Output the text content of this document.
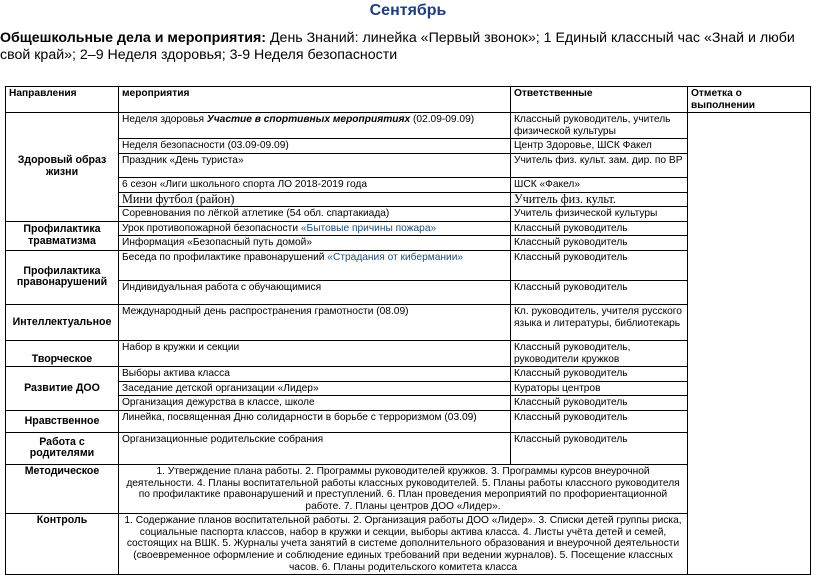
Сентябрь
Общешкольные дела и мероприятия: День Знаний: линейка «Первый звонок»; 1 Единый классный час «Знай и люби свой край»; 2–9 Неделя здоровья; 3-9 Неделя безопасности
Направления	мероприятия	Ответственные	Отметка о выполнении
Здоровый образ жизни	Неделя здоровья Участие в спортивных мероприятиях (02.09-09.09)	Классный руководитель, учитель физической культуры	
	Неделя безопасности (03.09-09.09)	Центр Здоровье, ШСК Факел	
	Праздник «День туриста»	Учитель физ. культ. зам. дир. по ВР	
	6 сезон «Лиги школьного спорта ЛО 2018-2019 года	ШСК «Факел»	
	Мини футбол (район)	Учитель физ. культ.	
	Соревнования по лёгкой атлетике (54 обл. спартакиада)	Учитель физической культуры	
Профилактика травматизма	Урок противопожарной безопасности «Бытовые причины пожара»	Классный руководитель	
	Информация «Безопасный путь домой»	Классный руководитель	
Профилактика правонарушений	Беседа по профилактике правонарушений «Страдания от кибермании»	Классный руководитель	
	Индивидуальная работа с обучающимися	Классный руководитель	
Интеллектуальное	Международный день распространения грамотности (08.09)	Кл. руководитель, учителя русского языка и литературы, библиотекарь	
Творческое	Набор в кружки и секции	Классный руководитель, руководители кружков	
Развитие ДОО	Выборы актива класса	Классный руководитель	
	Заседание детской организации «Лидер»	Кураторы центров	
	Организация дежурства в классе, школе	Классный руководитель	
Нравственное	Линейка, посвященная Дню солидарности в борьбе с терроризмом (03.09)	Классный руководитель	
Работа с родителями	Организационные родительские собрания	Классный руководитель	
Методическое	1. Утверждение плана работы. 2. Программы руководителей кружков. 3. Программы курсов внеурочной деятельности. 4. Планы воспитательной работы классных руководителей. 5. Планы работы классного руководителя по профилактике правонарушений и преступлений. 6. План проведения мероприятий по профориентационной работе. 7. Планы центров ДОО «Лидер».		
Контроль	1. Содержание планов воспитательной работы. 2. Организация работы ДОО «Лидер». 3. Списки детей группы риска, социальные паспорта классов, набор в кружки и секции, выборы актива класса. 4. Листы учёта детей и семей, состоящих на ВШК. 5. Журналы учета занятий в системе дополнительного образования и внеурочной деятельности (своевременное оформление и соблюдение единых требований при ведении журналов). 5. Посещение классных часов. 6. Планы родительского комитета класса		
